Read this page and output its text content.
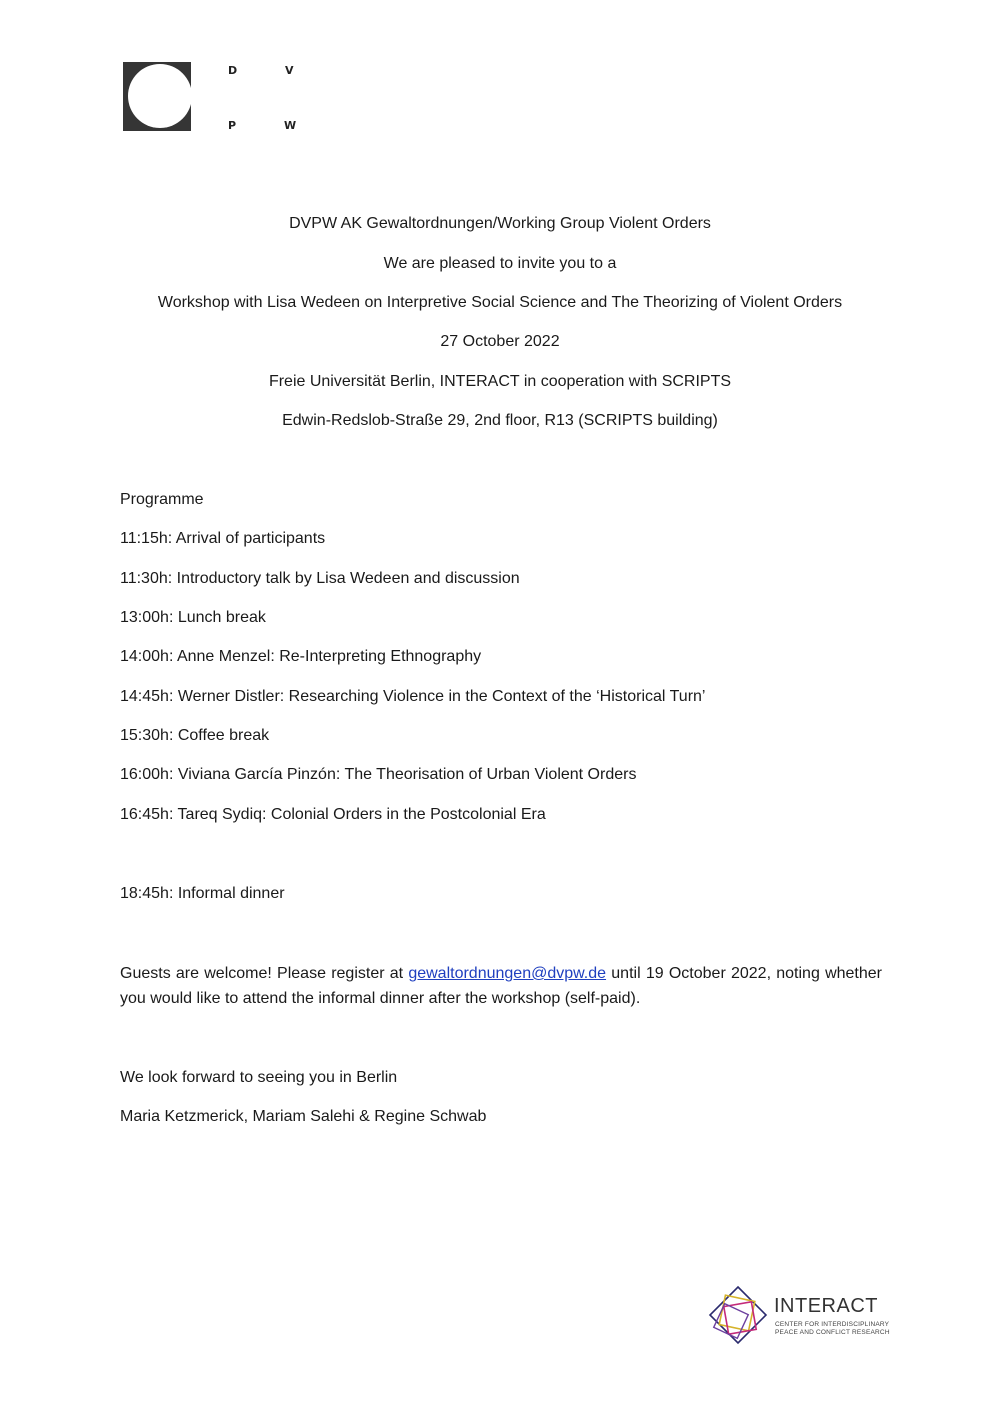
D	V
P	W
DVPW AK Gewaltordnungen/Working Group Violent Orders
We are pleased to invite you to a
Workshop with Lisa Wedeen on Interpretive Social Science and The Theorizing of Violent Orders
27 October 2022
Freie Universität Berlin, INTERACT in cooperation with SCRIPTS
Edwin-Redslob-Straße 29, 2nd floor, R13 (SCRIPTS building)
Programme
11:15h: Arrival of participants
11:30h: Introductory talk by Lisa Wedeen and discussion
13:00h: Lunch break
14:00h: Anne Menzel: Re-Interpreting Ethnography
14:45h: Werner Distler: Researching Violence in the Context of the ‘Historical Turn’
15:30h: Coffee break
16:00h: Viviana García Pinzón: The Theorisation of Urban Violent Orders
16:45h: Tareq Sydiq: Colonial Orders in the Postcolonial Era
18:45h: Informal dinner
Guests are welcome! Please register at gewaltordnungen@dvpw.de until 19 October 2022, noting whether you would like to attend the informal dinner after the workshop (self-paid).
We look forward to seeing you in Berlin
Maria Ketzmerick, Mariam Salehi & Regine Schwab
INTERACT
CENTER FOR INTERDISCIPLINARY
PEACE AND CONFLICT RESEARCH
